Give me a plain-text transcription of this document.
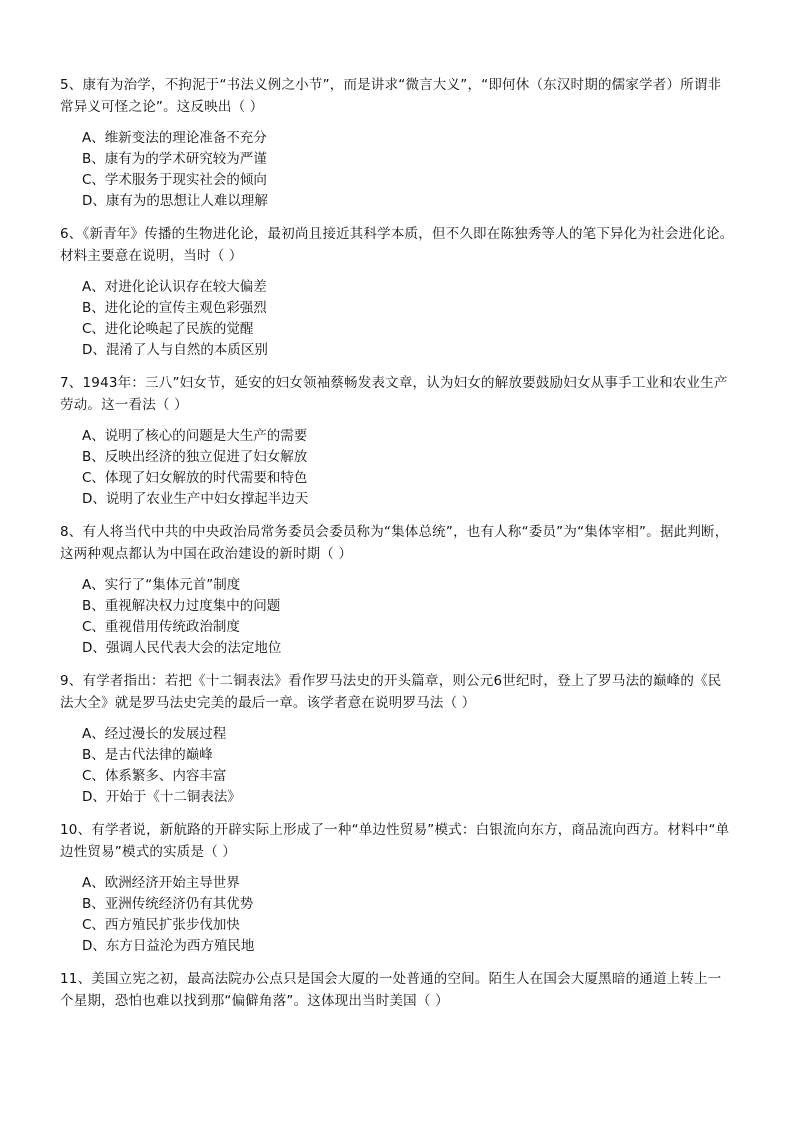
5、康有为治学，不拘泥于“书法义例之小节”，而是讲求“微言大义”，“即何休（东汉时期的儒家学者）所谓非常异义可怪之论”。这反映出（ ）

A、维新变法的理论准备不充分
B、康有为的学术研究较为严谨
C、学术服务于现实社会的倾向
D、康有为的思想让人难以理解

6、《新青年》传播的生物进化论，最初尚且接近其科学本质，但不久即在陈独秀等人的笔下异化为社会进化论。材料主要意在说明，当时（ ）

A、对进化论认识存在较大偏差
B、进化论的宣传主观色彩强烈
C、进化论唤起了民族的觉醒
D、混淆了人与自然的本质区别

7、1943年：三八”妇女节，延安的妇女领袖蔡畅发表文章，认为妇女的解放要鼓励妇女从事手工业和农业生产劳动。这一看法（ ）

A、说明了核心的问题是大生产的需要
B、反映出经济的独立促进了妇女解放
C、体现了妇女解放的时代需要和特色
D、说明了农业生产中妇女撑起半边天

8、有人将当代中共的中央政治局常务委员会委员称为“集体总统”，也有人称“委员”为“集体宰相”。据此判断，这两种观点都认为中国在政治建设的新时期（ ）

A、实行了“集体元首”制度
B、重视解决权力过度集中的问题
C、重视借用传统政治制度
D、强调人民代表大会的法定地位

9、有学者指出：若把《十二铜表法》看作罗马法史的开头篇章，则公元6世纪时，登上了罗马法的巅峰的《民法大全》就是罗马法史完美的最后一章。该学者意在说明罗马法（ ）

A、经过漫长的发展过程
B、是古代法律的巅峰
C、体系繁多、内容丰富
D、开始于《十二铜表法》

10、有学者说，新航路的开辟实际上形成了一种“单边性贸易”模式：白银流向东方，商品流向西方。材料中“单边性贸易”模式的实质是（ ）

A、欧洲经济开始主导世界
B、亚洲传统经济仍有其优势
C、西方殖民扩张步伐加快
D、东方日益沦为西方殖民地

11、美国立宪之初，最高法院办公点只是国会大厦的一处普通的空间。陌生人在国会大厦黑暗的通道上转上一个星期，恐怕也难以找到那“偏僻角落”。这体现出当时美国（ ）
